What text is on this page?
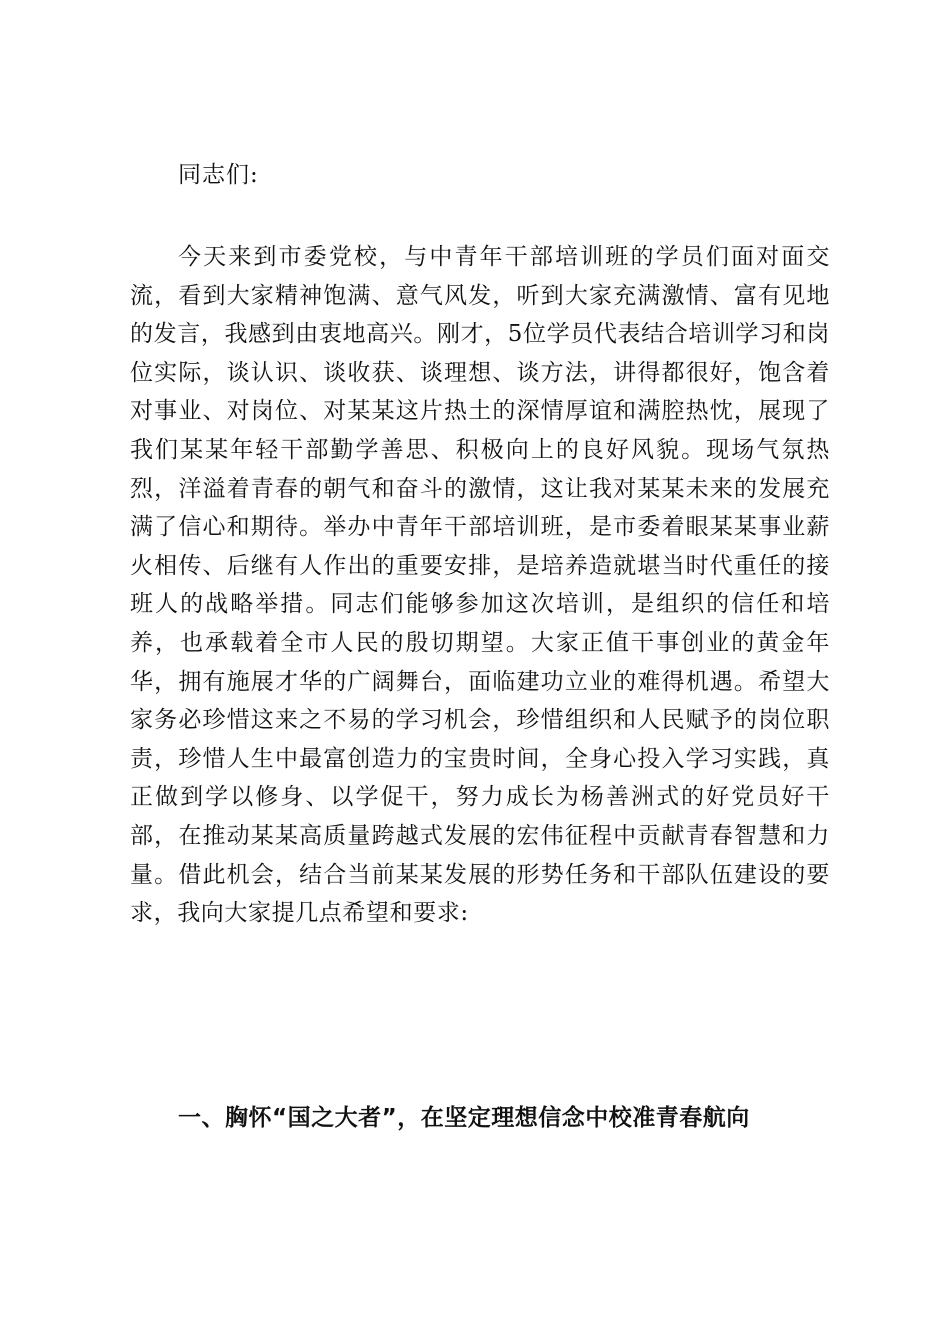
同志们:

今天来到市委党校，与中青年干部培训班的学员们面对面交流，看到大家精神饱满、意气风发，听到大家充满激情、富有见地的发言，我感到由衷地高兴。刚才，5位学员代表结合培训学习和岗位实际，谈认识、谈收获、谈理想、谈方法，讲得都很好，饱含着对事业、对岗位、对某某这片热土的深情厚谊和满腔热忱，展现了我们某某年轻干部勤学善思、积极向上的良好风貌。现场气氛热烈，洋溢着青春的朝气和奋斗的激情，这让我对某某未来的发展充满了信心和期待。举办中青年干部培训班，是市委着眼某某事业薪火相传、后继有人作出的重要安排，是培养造就堪当时代重任的接班人的战略举措。同志们能够参加这次培训，是组织的信任和培养，也承载着全市人民的殷切期望。大家正值干事创业的黄金年华，拥有施展才华的广阔舞台，面临建功立业的难得机遇。希望大家务必珍惜这来之不易的学习机会，珍惜组织和人民赋予的岗位职责，珍惜人生中最富创造力的宝贵时间，全身心投入学习实践，真正做到学以修身、以学促干，努力成长为杨善洲式的好党员好干部，在推动某某高质量跨越式发展的宏伟征程中贡献青春智慧和力量。借此机会，结合当前某某发展的形势任务和干部队伍建设的要求，我向大家提几点希望和要求:

一、胸怀“国之大者”，在坚定理想信念中校准青春航向
